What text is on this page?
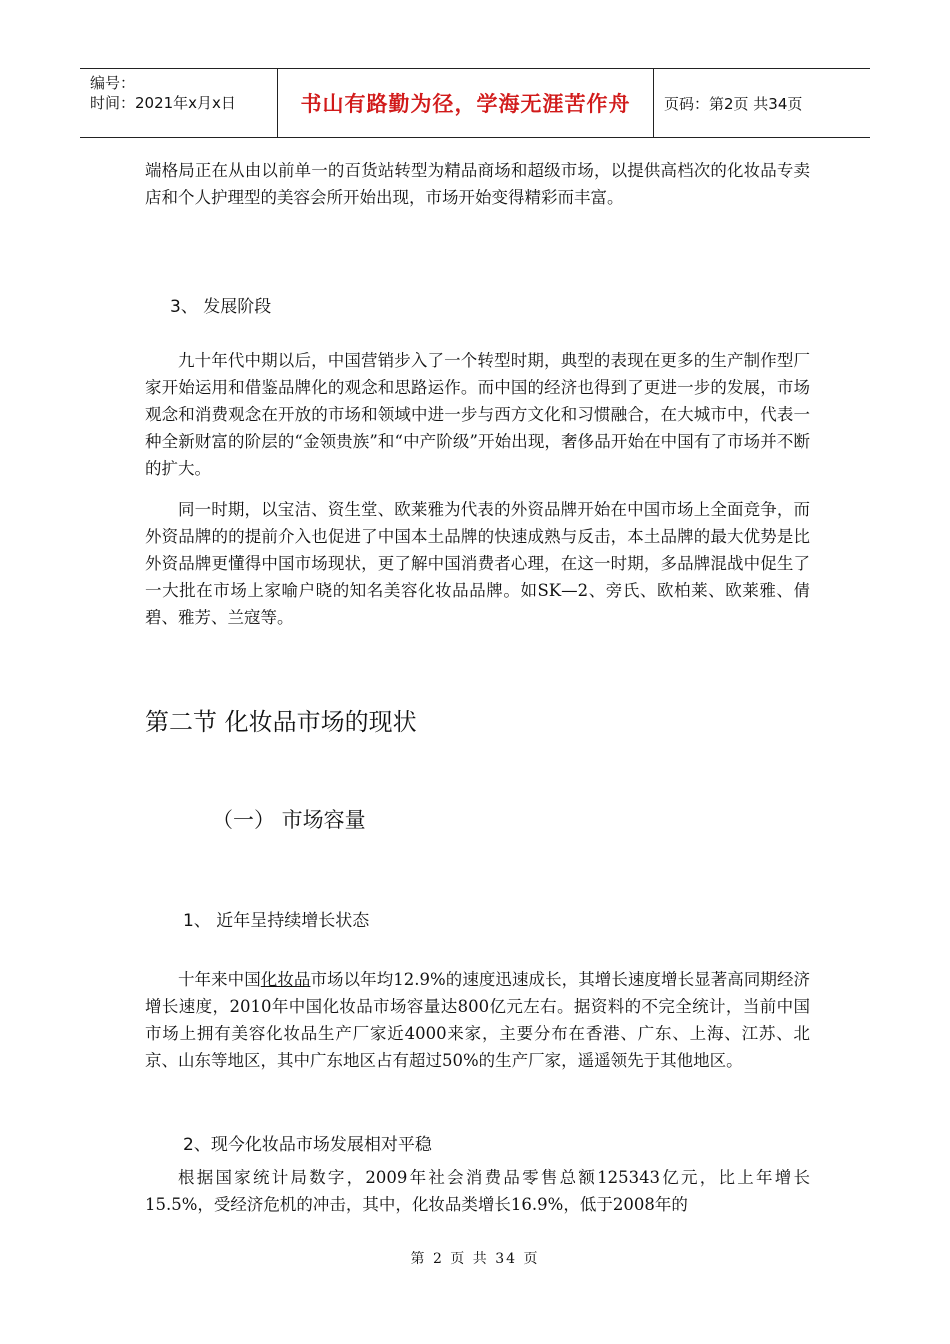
编号：
时间：2021年x月x日	书山有路勤为径，学海无涯苦作舟	页码：第2页 共34页

端格局正在从由以前单一的百货站转型为精品商场和超级市场，以提供高档次的化妆品专卖店和个人护理型的美容会所开始出现，市场开始变得精彩而丰富。

3、 发展阶段

九十年代中期以后，中国营销步入了一个转型时期，典型的表现在更多的生产制作型厂家开始运用和借鉴品牌化的观念和思路运作。而中国的经济也得到了更进一步的发展，市场观念和消费观念在开放的市场和领域中进一步与西方文化和习惯融合，在大城市中，代表一种全新财富的阶层的“金领贵族”和“中产阶级”开始出现，奢侈品开始在中国有了市场并不断的扩大。

同一时期，以宝洁、资生堂、欧莱雅为代表的外资品牌开始在中国市场上全面竞争，而外资品牌的的提前介入也促进了中国本土品牌的快速成熟与反击，本土品牌的最大优势是比外资品牌更懂得中国市场现状，更了解中国消费者心理，在这一时期，多品牌混战中促生了一大批在市场上家喻户晓的知名美容化妆品品牌。如SK—2、旁氏、欧柏莱、欧莱雅、倩碧、雅芳、兰寇等。

第二节 化妆品市场的现状
（一） 市场容量
1、 近年呈持续增长状态

十年来中国化妆品市场以年均12.9%的速度迅速成长，其增长速度增长显著高同期经济增长速度，2010年中国化妆品市场容量达800亿元左右。据资料的不完全统计，当前中国市场上拥有美容化妆品生产厂家近4000来家，主要分布在香港、广东、上海、江苏、北京、山东等地区，其中广东地区占有超过50%的生产厂家，遥遥领先于其他地区。

2、现今化妆品市场发展相对平稳

根据国家统计局数字，2009年社会消费品零售总额125343亿元，比上年增长15.5%，受经济危机的冲击，其中，化妆品类增长16.9%，低于2008年的

第 2 页 共 34 页
